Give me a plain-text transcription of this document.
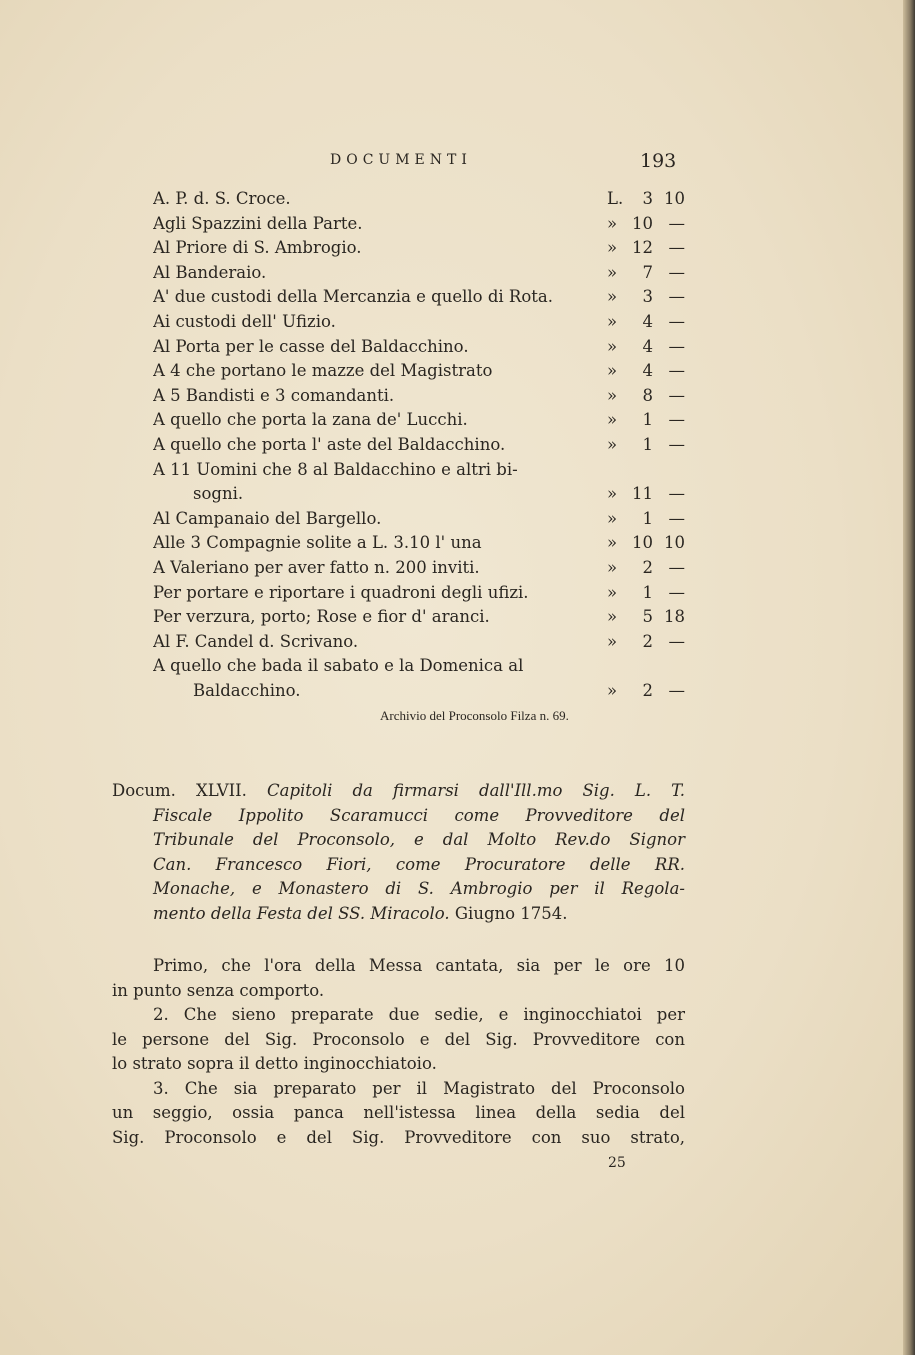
DOCUMENTI	193
A. P. d. S. Croce.	L.	3 10
Agli Spazzini della Parte.	» 10 —
Al Priore di S. Ambrogio.	» 12 —
Al Banderaio.	»	7 —
A' due custodi della Mercanzia e quello di Rota.	»	3 —
Ai custodi dell' Ufizio.	»	4 —
Al Porta per le casse del Baldacchino.	»	4 —
A 4 che portano le mazze del Magistrato	»	4 —
A 5 Bandisti e 3 comandanti.	»	8 —
A quello che porta la zana de' Lucchi.	»	1 —
A quello che porta l' aste del Baldacchino.	»	1 —
A 11 Uomini che 8 al Baldacchino e altri bi-
sogni.	» 11 —
Al Campanaio del Bargello.	»	1 —
Alle 3 Compagnie solite a L. 3.10 l' una	» 10 10
A Valeriano per aver fatto n. 200 inviti.	»	2 —
Per portare e riportare i quadroni degli ufizi.	»	1 —
Per verzura, porto; Rose e fior d' aranci.	»	5 18
Al F. Candel d. Scrivano.	»	2 —
A quello che bada il sabato e la Domenica al
Baldacchino.	»	2 —
Archivio del Proconsolo Filza n. 69.
Docum. XLVII. Capitoli da firmarsi dall'Ill.mo Sig. L. T.
Fiscale Ippolito Scaramucci come Provveditore del
Tribunale del Proconsolo, e dal Molto Rev.do Signor
Can. Francesco Fiori, come Procuratore delle RR.
Monache, e Monastero di S. Ambrogio per il Regola-
mento della Festa del SS. Miracolo. Giugno 1754.
Primo, che l'ora della Messa cantata, sia per le ore 10
in punto senza comporto.
2. Che sieno preparate due sedie, e inginocchiatoi per
le persone del Sig. Proconsolo e del Sig. Provveditore con
lo strato sopra il detto inginocchiatoio.
3. Che sia preparato per il Magistrato del Proconsolo
un seggio, ossia panca nell'istessa linea della sedia del
Sig. Proconsolo e del Sig. Provveditore con suo strato,
25
